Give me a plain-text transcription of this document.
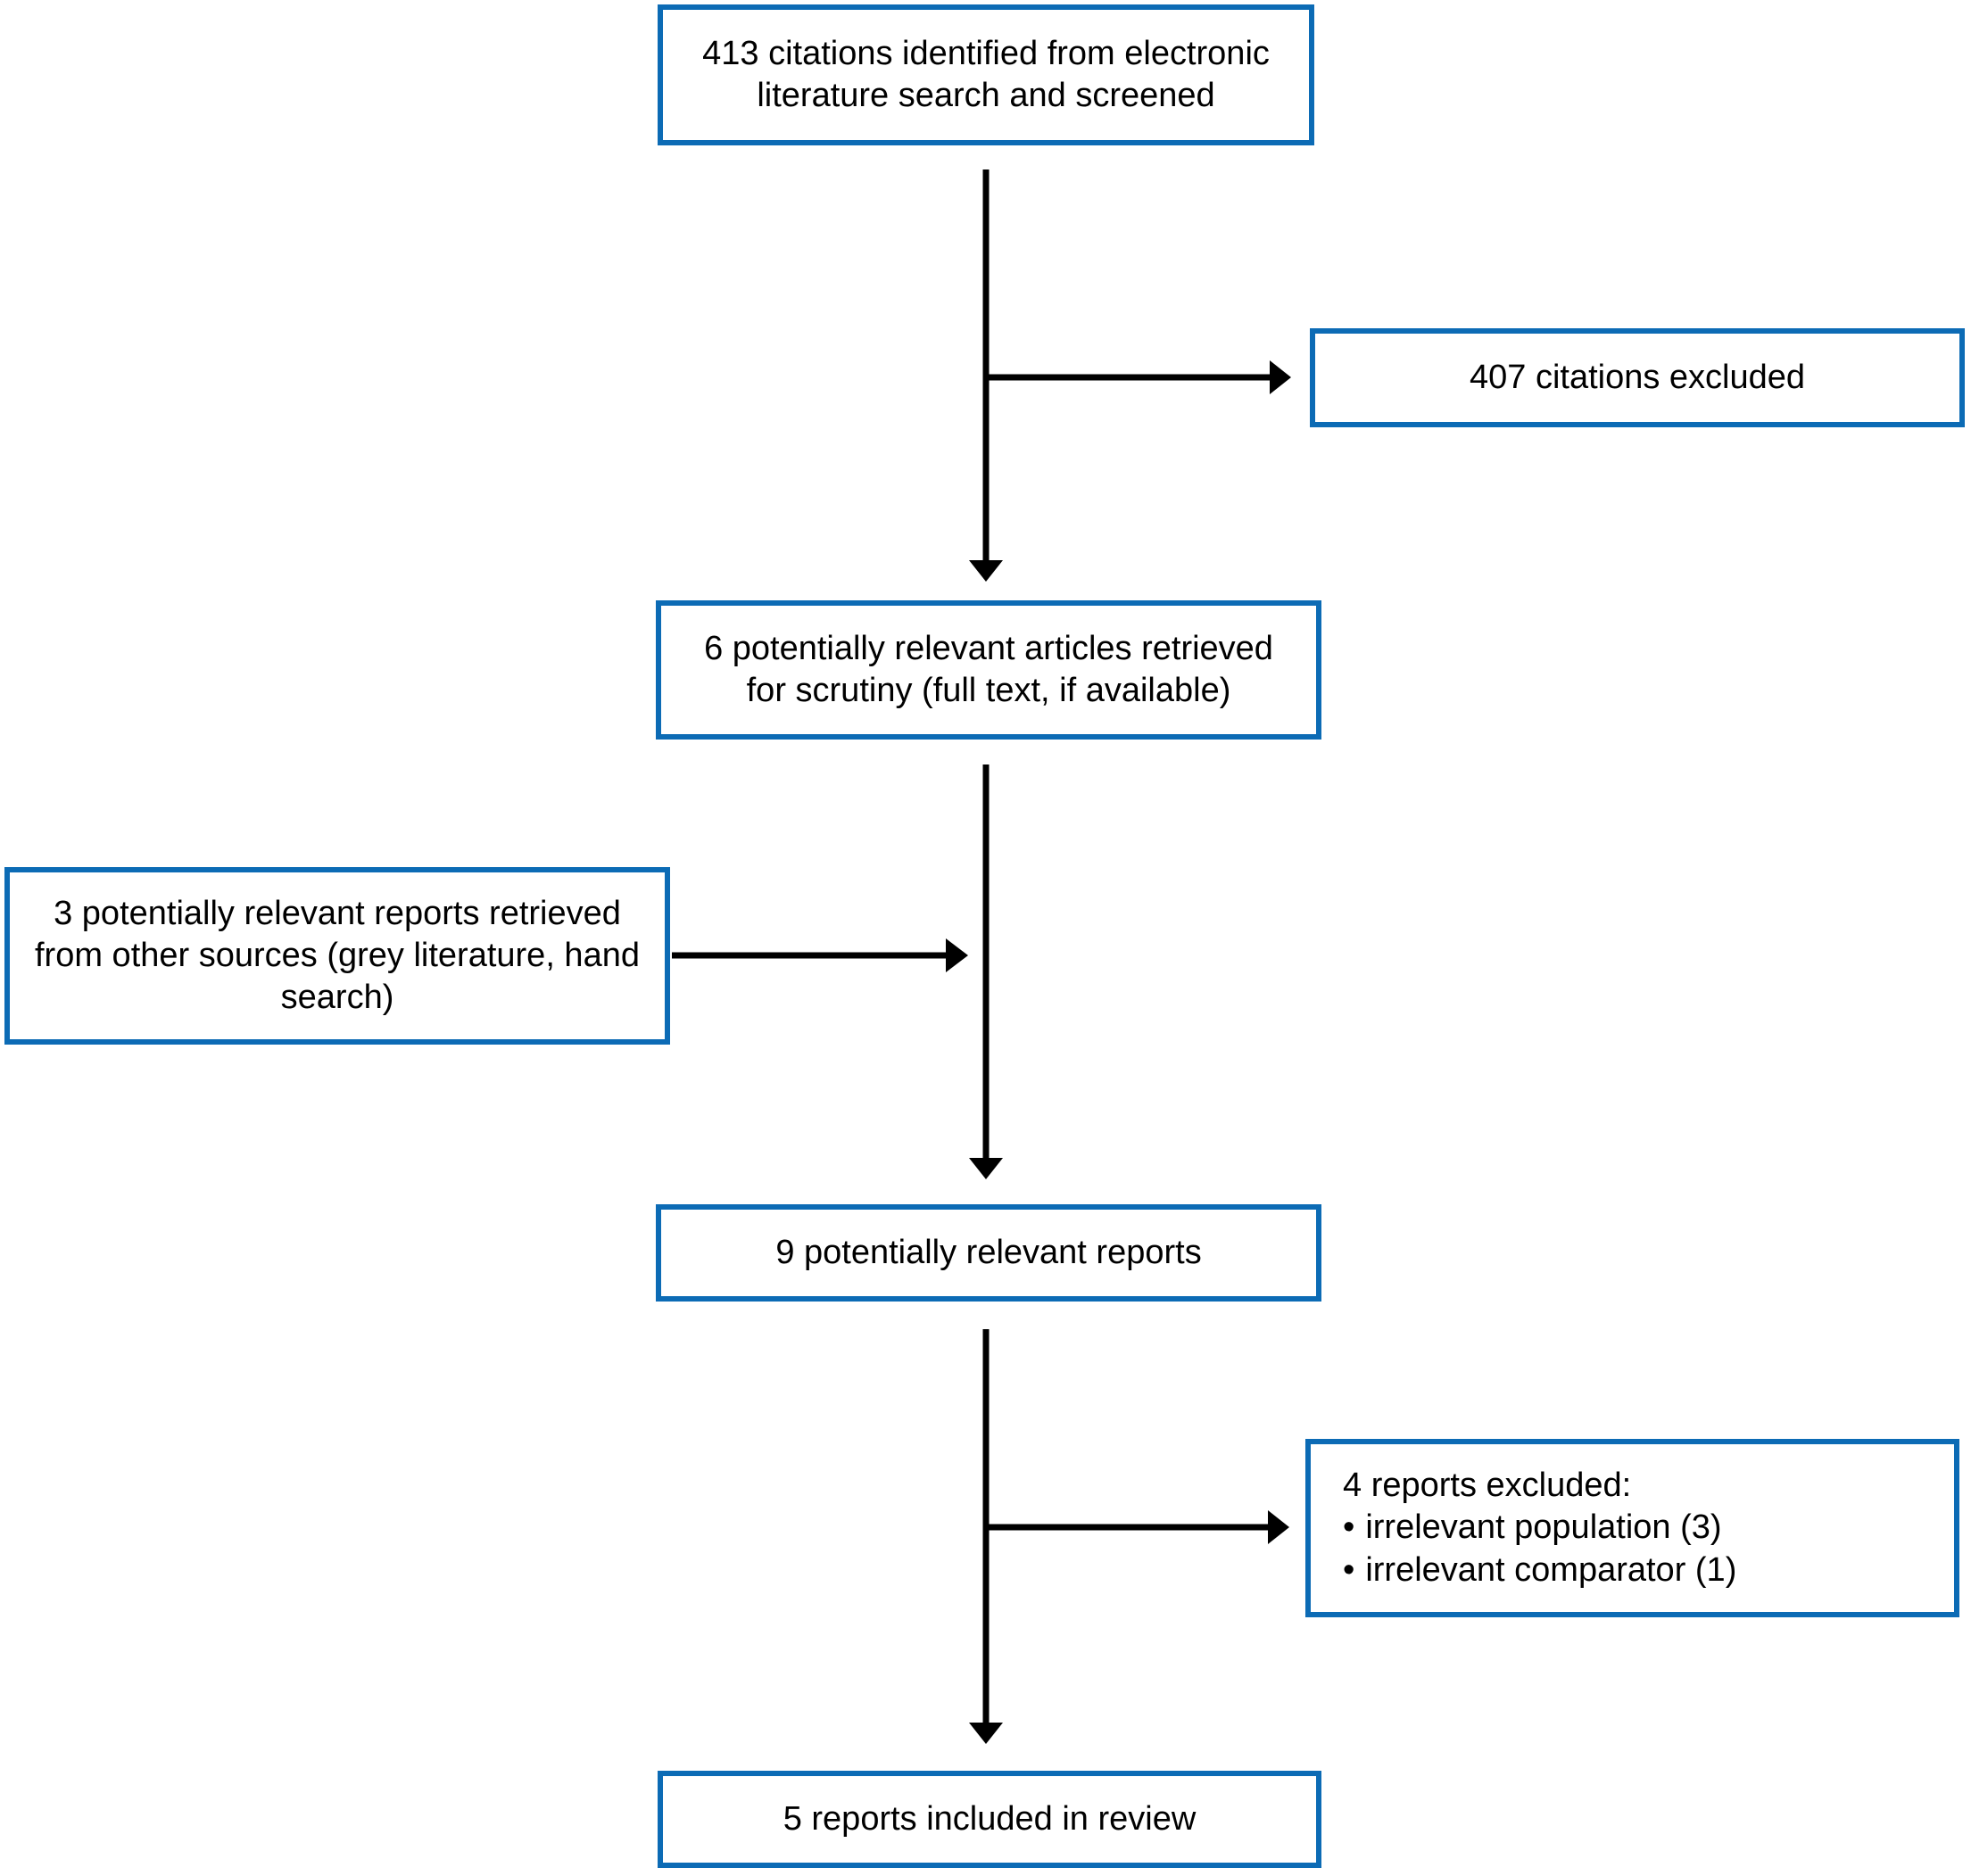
413 citations identified from electronic literature search and screened
407 citations excluded
6 potentially relevant articles retrieved for scrutiny (full text, if available)
3 potentially relevant reports retrieved from other sources (grey literature, hand search)
9 potentially relevant reports
4 reports excluded:
• irrelevant population (3)
• irrelevant comparator (1)
5 reports included in review
